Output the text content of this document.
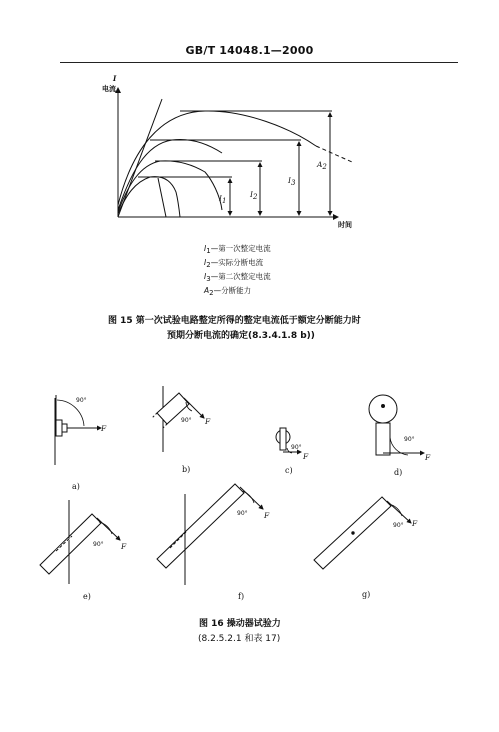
GB/T 14048.1—2000
I
电流
时间
I1
I2
I3
A2
I1—第一次整定电流
I2—实际分断电流
I3—第二次整定电流
A2—分断能力
图 15 第一次试验电路整定所得的整定电流低于额定分断能力时
预期分断电流的确定(8.3.4.1.8 b))
90°
F
a)
90° F
b)
90°
F
c)
90°
F
d)
90° F
e)
90° F
f)
90° F
g)
图 16 操动器试验力
(8.2.5.2.1 和表 17)
